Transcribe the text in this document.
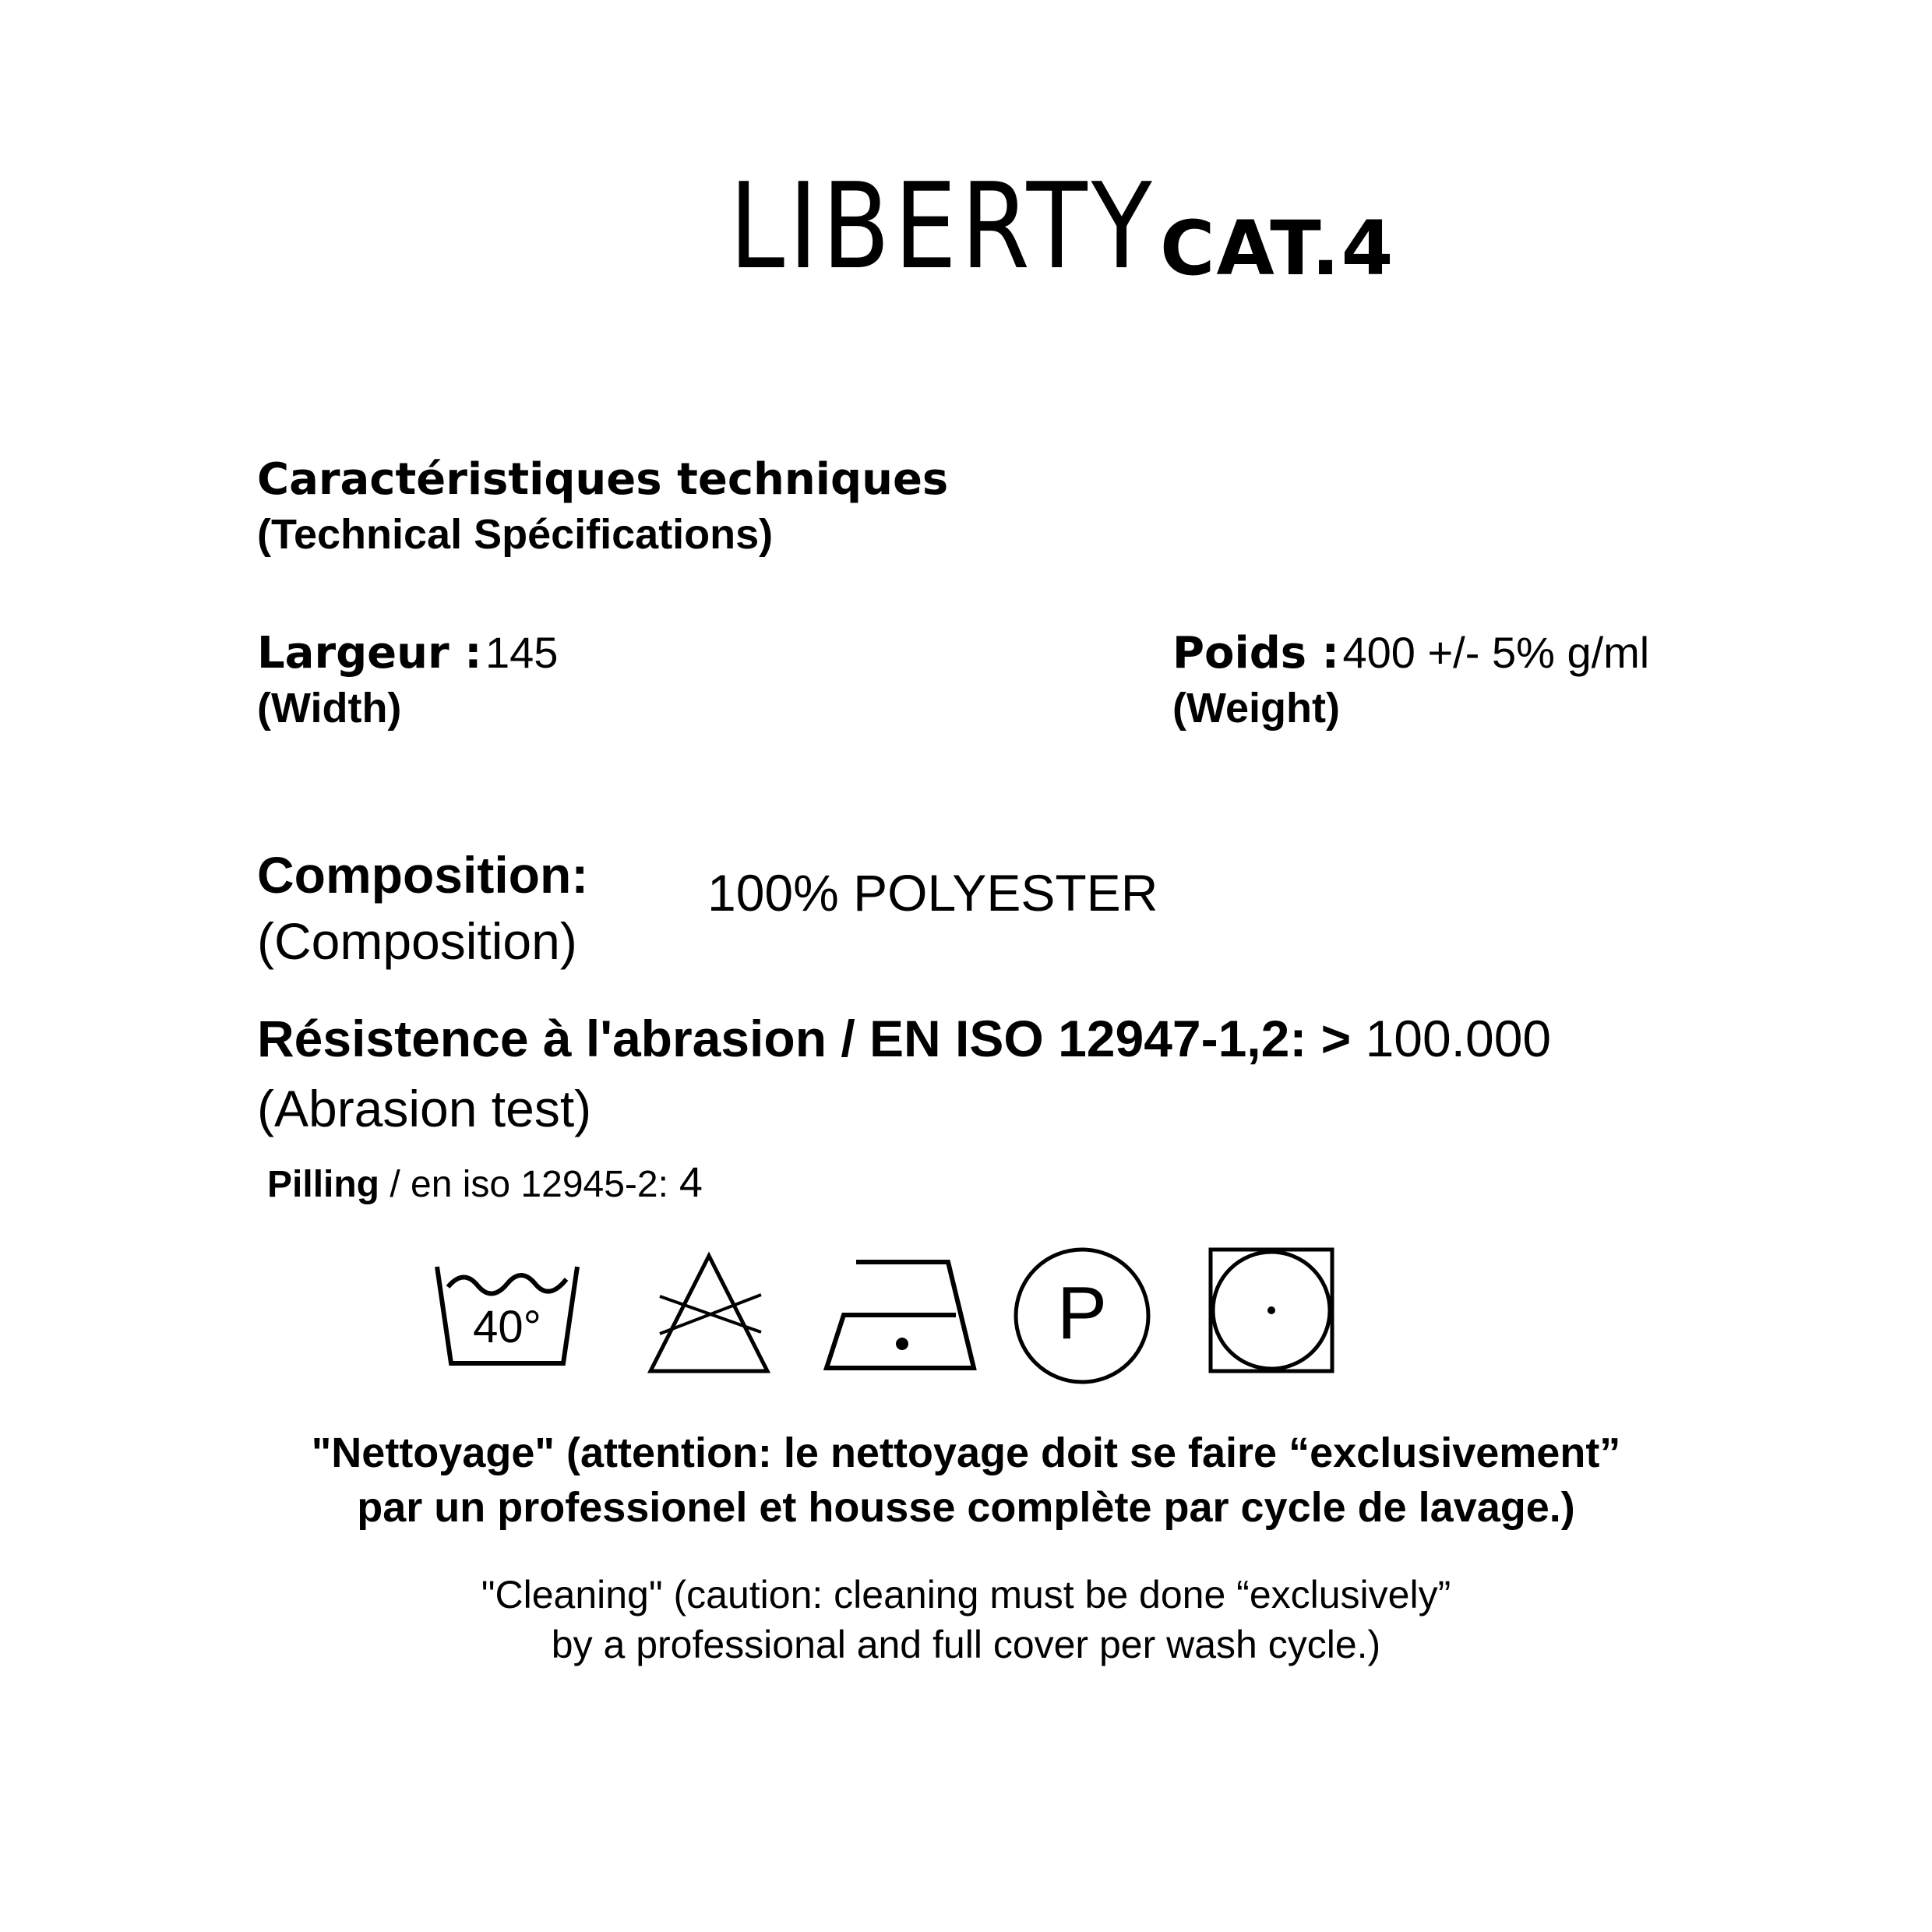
LIBERTY CAT.4
Caractéristiques techniques
(Technical Spécifications)
Largeur : 145
(Width)
Poids : 400 +/- 5% g/ml
(Weight)
Composition:
(Composition)
100% POLYESTER
Résistence à l'abrasion / EN ISO 12947-1,2: > 100.000
(Abrasion test)
Pilling / en iso 12945-2: 4
40°	P
"Nettoyage" (attention: le nettoyage doit se faire “exclusivement”
par un professionel et housse complète par cycle de lavage.)
"Cleaning" (caution: cleaning must be done “exclusively”
by a professional and full cover per wash cycle.)
